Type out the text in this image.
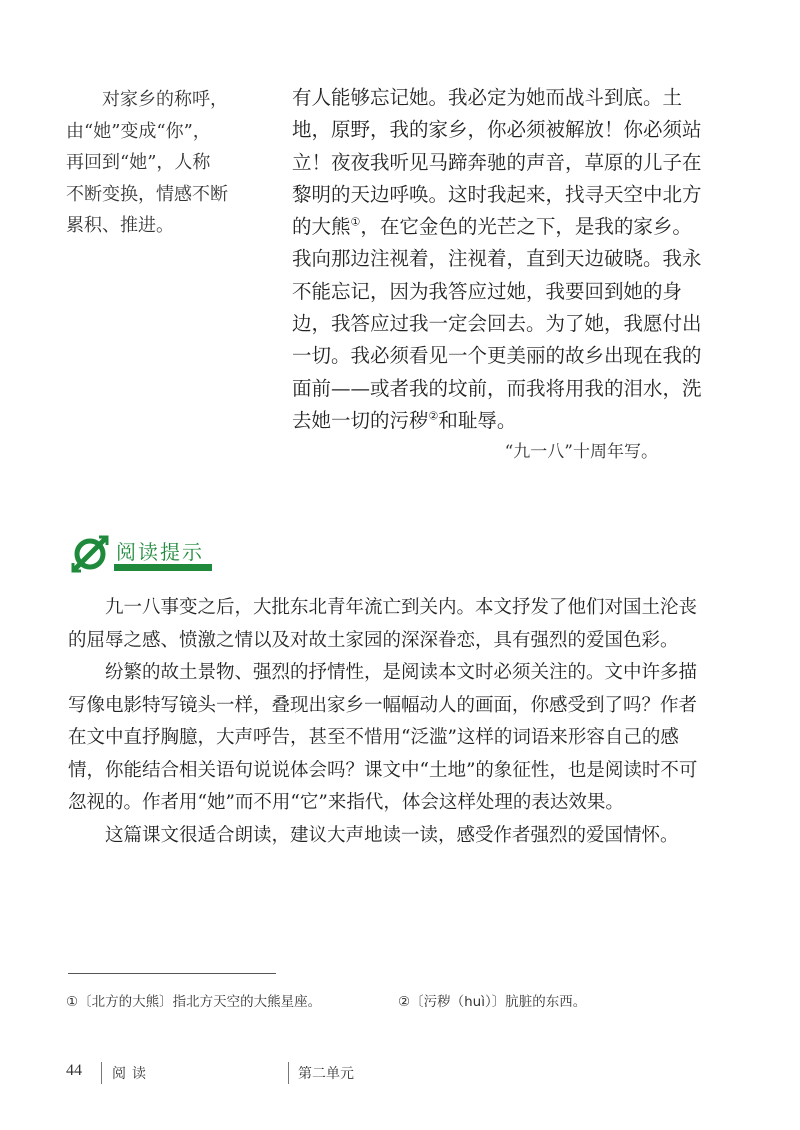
对家乡的称呼，
由“她”变成“你”，
再回到“她”，人称
不断变换，情感不断
累积、推进。

有人能够忘记她。我必定为她而战斗到底。土地，原野，我的家乡，你必须被解放！你必须站立！夜夜我听见马蹄奔驰的声音，草原的儿子在黎明的天边呼唤。这时我起来，找寻天空中北方的大熊①，在它金色的光芒之下，是我的家乡。我向那边注视着，注视着，直到天边破晓。我永不能忘记，因为我答应过她，我要回到她的身边，我答应过我一定会回去。为了她，我愿付出一切。我必须看见一个更美丽的故乡出现在我的面前——或者我的坟前，而我将用我的泪水，洗去她一切的污秽②和耻辱。

“九一八”十周年写。
阅读提示

九一八事变之后，大批东北青年流亡到关内。本文抒发了他们对国土沦丧的屈辱之感、愤激之情以及对故土家园的深深眷恋，具有强烈的爱国色彩。

纷繁的故土景物、强烈的抒情性，是阅读本文时必须关注的。文中许多描写像电影特写镜头一样，叠现出家乡一幅幅动人的画面，你感受到了吗？作者在文中直抒胸臆，大声呼告，甚至不惜用“泛滥”这样的词语来形容自己的感情，你能结合相关语句说说体会吗？课文中“土地”的象征性，也是阅读时不可忽视的。作者用“她”而不用“它”来指代，体会这样处理的表达效果。

这篇课文很适合朗读，建议大声地读一读，感受作者强烈的爱国情怀。

①〔北方的大熊〕指北方天空的大熊星座。	②〔污秽（huì）〕肮脏的东西。
44 阅读	第二单元
